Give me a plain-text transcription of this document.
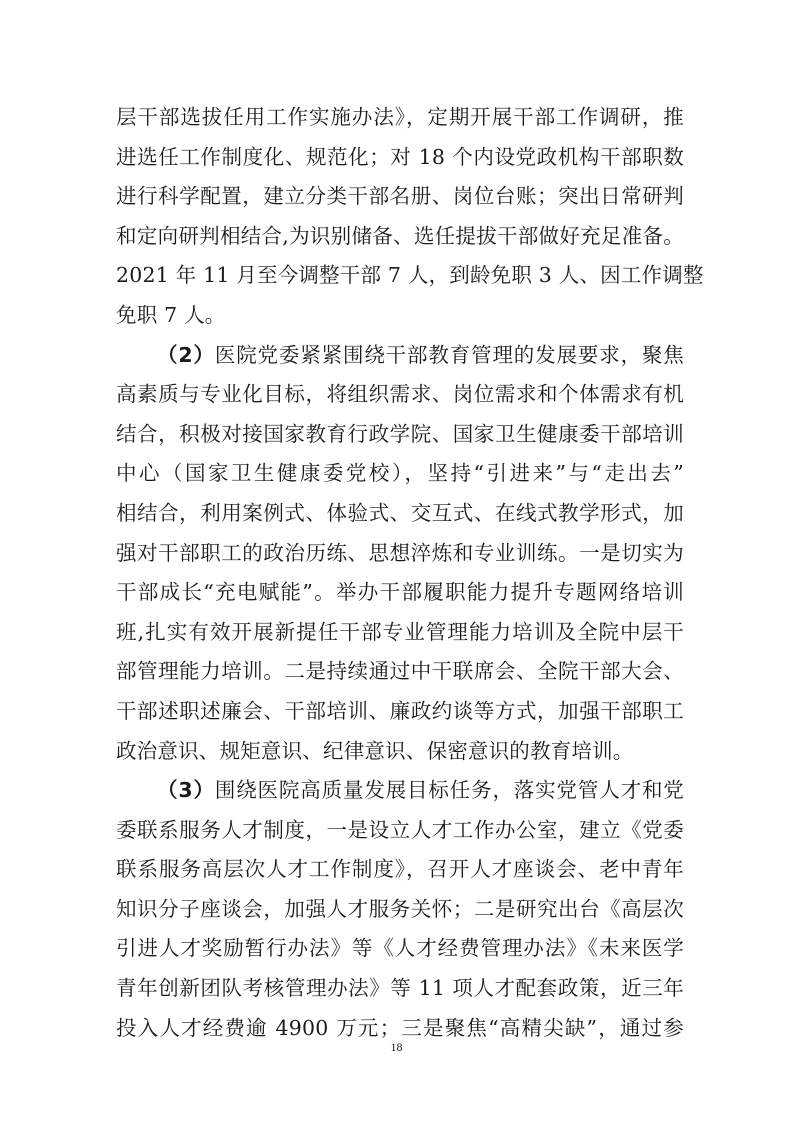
层干部选拔任用工作实施办法》，定期开展干部工作调研，推
进选任工作制度化、规范化；对 18 个内设党政机构干部职数
进行科学配置，建立分类干部名册、岗位台账；突出日常研判
和定向研判相结合,为识别储备、选任提拔干部做好充足准备。
2021 年 11 月至今调整干部 7 人，到龄免职 3 人、因工作调整
免职 7 人。
（2）医院党委紧紧围绕干部教育管理的发展要求，聚焦
高素质与专业化目标，将组织需求、岗位需求和个体需求有机
结合，积极对接国家教育行政学院、国家卫生健康委干部培训
中心（国家卫生健康委党校），坚持“引进来”与“走出去”
相结合，利用案例式、体验式、交互式、在线式教学形式，加
强对干部职工的政治历练、思想淬炼和专业训练。一是切实为
干部成长“充电赋能”。举办干部履职能力提升专题网络培训
班,扎实有效开展新提任干部专业管理能力培训及全院中层干
部管理能力培训。二是持续通过中干联席会、全院干部大会、
干部述职述廉会、干部培训、廉政约谈等方式，加强干部职工
政治意识、规矩意识、纪律意识、保密意识的教育培训。
（3）围绕医院高质量发展目标任务，落实党管人才和党
委联系服务人才制度，一是设立人才工作办公室，建立《党委
联系服务高层次人才工作制度》，召开人才座谈会、老中青年
知识分子座谈会，加强人才服务关怀；二是研究出台《高层次
引进人才奖励暂行办法》等《人才经费管理办法》《未来医学
青年创新团队考核管理办法》等 11 项人才配套政策，近三年
投入人才经费逾 4900 万元；三是聚焦“高精尖缺”，通过参
18
